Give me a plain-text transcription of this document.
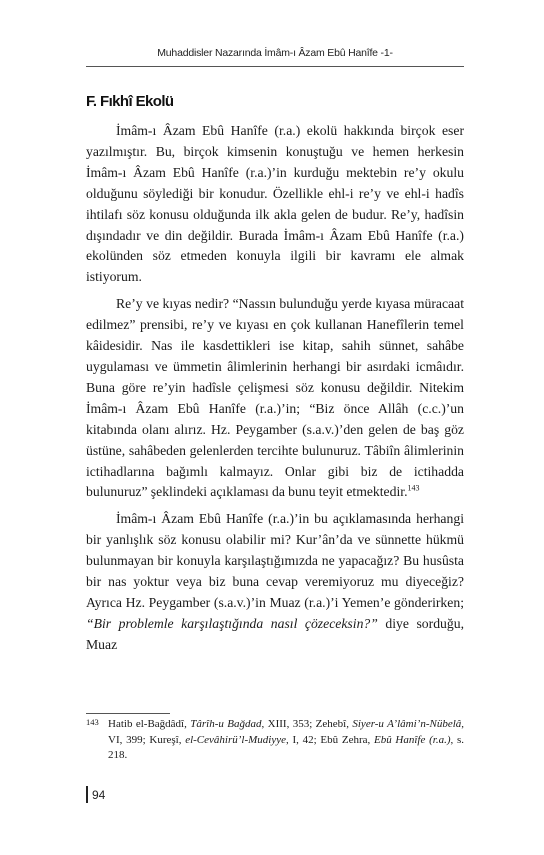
Muhaddisler Nazarında İmâm-ı Âzam Ebû Hanîfe -1-
F. Fıkhî Ekolü

İmâm-ı Âzam Ebû Hanîfe (r.a.) ekolü hakkında birçok eser yazılmıştır. Bu, birçok kimsenin konuştuğu ve hemen herkesin İmâm-ı Âzam Ebû Hanîfe (r.a.)’in kurduğu mektebin re’y okulu olduğunu söylediği bir konudur. Özellikle ehl-i re’y ve ehl-i hadîs ihtilafı söz konusu olduğunda ilk akla gelen de budur. Re’y, hadîsin dışındadır ve din değildir. Burada İmâm-ı Âzam Ebû Hanîfe (r.a.) ekolünden söz etmeden konuyla ilgili bir kavramı ele almak istiyorum.

Re’y ve kıyas nedir? “Nassın bulunduğu yerde kıyasa müracaat edilmez” prensibi, re’y ve kıyası en çok kullanan Hanefîlerin temel kâidesidir. Nas ile kasdettikleri ise kitap, sahih sünnet, sahâbe uygulaması ve ümmetin âlimlerinin herhangi bir asırdaki icmâıdır. Buna göre re’yin hadîsle çelişmesi söz konusu değildir. Nitekim İmâm-ı Âzam Ebû Hanîfe (r.a.)’in; “Biz önce Allâh (c.c.)’un kitabında olanı alırız. Hz. Peygamber (s.a.v.)’den gelen de baş göz üstüne, sahâbeden gelenlerden tercihte bulunuruz. Tâbiîn âlimlerinin ictihadlarına bağımlı kalmayız. Onlar gibi biz de ictihadda bulunuruz” şeklindeki açıklaması da bunu teyit etmektedir.$^{143}$

İmâm-ı Âzam Ebû Hanîfe (r.a.)’in bu açıklamasında herhangi bir yanlışlık söz konusu olabilir mi? Kur’ân’da ve sünnette hükmü bulunmayan bir konuyla karşılaştığımızda ne yapacağız? Bu husûsta bir nas yoktur veya biz buna cevap veremiyoruz mu diyeceğiz? Ayrıca Hz. Peygamber (s.a.v.)’in Muaz (r.a.)’i Yemen’e gönderirken; “Bir problemle karşılaştığında nasıl çözeceksin?” diye sorduğu, Muaz

143 Hatib el-Bağdâdî, Târîh-u Bağdad, XIII, 353; Zehebî, Siyer-u A’lâmi’n-Nübelâ, VI, 399; Kureşî, el-Cevâhirü’l-Mudiyye, I, 42; Ebû Zehra, Ebû Hanîfe (r.a.), s. 218.
94
